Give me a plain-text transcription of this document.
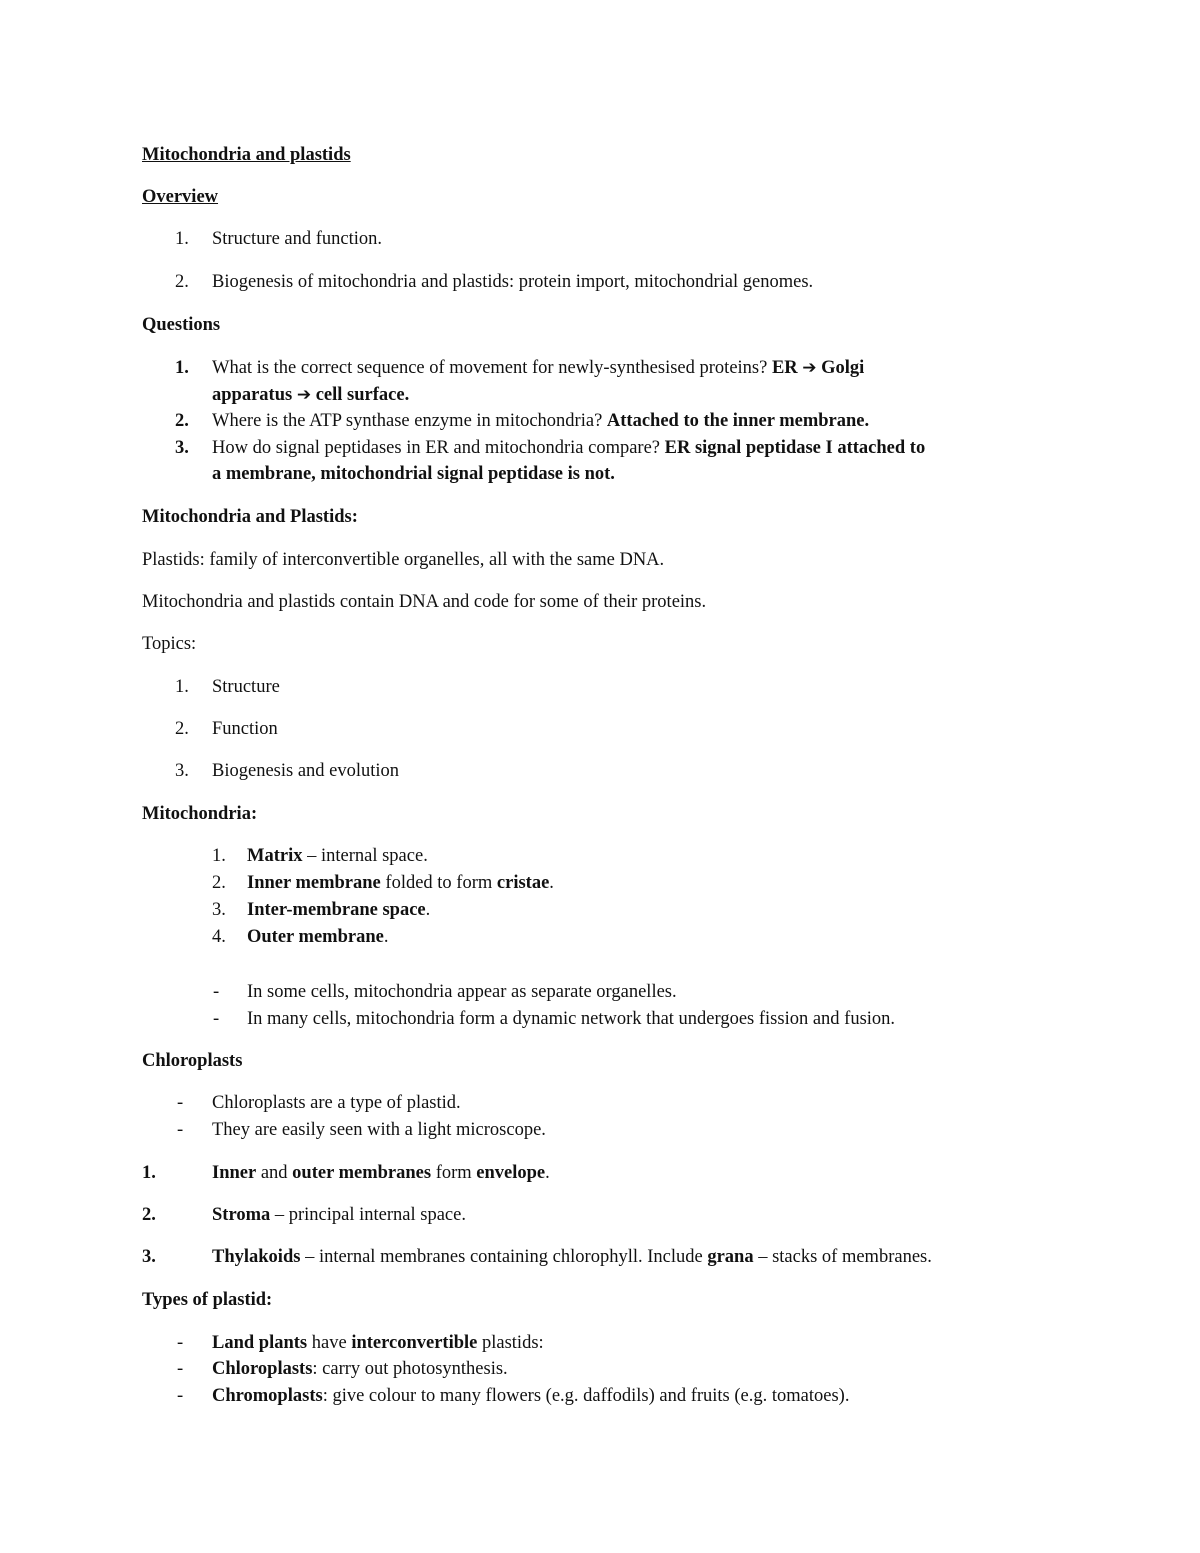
Mitochondria and plastids
Overview
1. Structure and function.
2. Biogenesis of mitochondria and plastids: protein import, mitochondrial genomes.
Questions
1. What is the correct sequence of movement for newly-synthesised proteins? ER ➔ Golgi
apparatus ➔ cell surface.
2. Where is the ATP synthase enzyme in mitochondria? Attached to the inner membrane.
3. How do signal peptidases in ER and mitochondria compare? ER signal peptidase I attached to
a membrane, mitochondrial signal peptidase is not.
Mitochondria and Plastids:
Plastids: family of interconvertible organelles, all with the same DNA.
Mitochondria and plastids contain DNA and code for some of their proteins.
Topics:
1. Structure
2. Function
3. Biogenesis and evolution
Mitochondria:
1. Matrix – internal space.
2. Inner membrane folded to form cristae.
3. Inter-membrane space.
4. Outer membrane.
- In some cells, mitochondria appear as separate organelles.
- In many cells, mitochondria form a dynamic network that undergoes fission and fusion.
Chloroplasts
- Chloroplasts are a type of plastid.
- They are easily seen with a light microscope.
1.	Inner and outer membranes form envelope.
2.	Stroma – principal internal space.
3.	Thylakoids – internal membranes containing chlorophyll. Include grana – stacks of membranes.
Types of plastid:
- Land plants have interconvertible plastids:
- Chloroplasts: carry out photosynthesis.
- Chromoplasts: give colour to many flowers (e.g. daffodils) and fruits (e.g. tomatoes).
